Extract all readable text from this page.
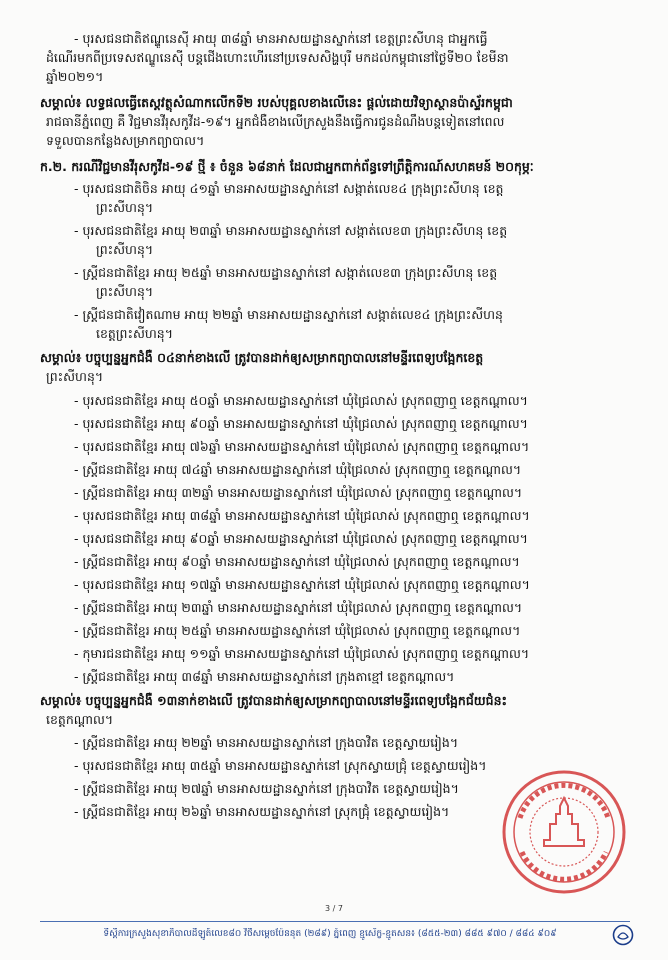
- បុរសជនជាតិឥណ្ឌូនេស៊ី អាយុ ៣៨ឆ្នាំ មានអាសយដ្ឋានស្នាក់នៅ ខេត្តព្រះសីហនុ ជាអ្នកធ្វើ
ដំណើរមកពីប្រទេសឥណ្ឌូនេស៊ី បន្តជើងហោះហើរនៅប្រទេសសិង្ហបុរី មកដល់កម្ពុជានៅថ្ងៃទី២០ ខែមីនា
ឆ្នាំ២០២១។
សម្គាល់៖ លទ្ធផលធ្វើតេស្តវត្ថុសំណាកលើកទី២ របស់បុគ្គលខាងលើនេះ ផ្តល់ដោយវិទ្យាស្ថានប៉ាស្ទ័រកម្ពុជា
រាជធានីភ្នំពេញ គឺ វិជ្ជមានវីរុសកូវីដ-១៩។ អ្នកជំងឺខាងលើក្រសួងនឹងធ្វើការជូនដំណឹងបន្តទៀតនៅពេល
ទទួលបានកន្លែងសម្រាកព្យាបាល។
ក.២. ករណីវិជ្ជមានវីរុសកូវីដ-១៩ ថ្មី ៖ ចំនួន ៦៨នាក់ ដែលជាអ្នកពាក់ព័ន្ធទៅព្រឹត្តិការណ៍សហគមន៍ ២០កុម្ភៈ
- បុរសជនជាតិចិន អាយុ ៤១ឆ្នាំ មានអាសយដ្ឋានស្នាក់នៅ សង្កាត់លេខ៤ ក្រុងព្រះសីហនុ ខេត្ត
ព្រះសីហនុ។
- បុរសជនជាតិខ្មែរ អាយុ ២៣ឆ្នាំ មានអាសយដ្ឋានស្នាក់នៅ សង្កាត់លេខ៣ ក្រុងព្រះសីហនុ ខេត្ត
ព្រះសីហនុ។
- ស្ត្រីជនជាតិខ្មែរ អាយុ ២៥ឆ្នាំ មានអាសយដ្ឋានស្នាក់នៅ សង្កាត់លេខ៣ ក្រុងព្រះសីហនុ ខេត្ត
ព្រះសីហនុ។
- ស្ត្រីជនជាតិវៀតណាម អាយុ ២២ឆ្នាំ មានអាសយដ្ឋានស្នាក់នៅ សង្កាត់លេខ៤ ក្រុងព្រះសីហនុ
ខេត្តព្រះសីហនុ។
សម្គាល់៖ បច្ចុប្បន្នអ្នកជំងឺ ០៤នាក់ខាងលើ ត្រូវបានដាក់ឲ្យសម្រាកព្យាបាលនៅមន្ទីរពេទ្យបង្អែកខេត្ត
ព្រះសីហនុ។
- បុរសជនជាតិខ្មែរ អាយុ ៥០ឆ្នាំ មានអាសយដ្ឋានស្នាក់នៅ ឃុំជ្រៃលាស់ ស្រុកពញាឮ ខេត្តកណ្តាល។
- បុរសជនជាតិខ្មែរ អាយុ ៩០ឆ្នាំ មានអាសយដ្ឋានស្នាក់នៅ ឃុំជ្រៃលាស់ ស្រុកពញាឮ ខេត្តកណ្តាល។
- បុរសជនជាតិខ្មែរ អាយុ ៧៦ឆ្នាំ មានអាសយដ្ឋានស្នាក់នៅ ឃុំជ្រៃលាស់ ស្រុកពញាឮ ខេត្តកណ្តាល។
- ស្ត្រីជនជាតិខ្មែរ អាយុ ៧៤ឆ្នាំ មានអាសយដ្ឋានស្នាក់នៅ ឃុំជ្រៃលាស់ ស្រុកពញាឮ ខេត្តកណ្តាល។
- ស្ត្រីជនជាតិខ្មែរ អាយុ ៣២ឆ្នាំ មានអាសយដ្ឋានស្នាក់នៅ ឃុំជ្រៃលាស់ ស្រុកពញាឮ ខេត្តកណ្តាល។
- បុរសជនជាតិខ្មែរ អាយុ ៣៨ឆ្នាំ មានអាសយដ្ឋានស្នាក់នៅ ឃុំជ្រៃលាស់ ស្រុកពញាឮ ខេត្តកណ្តាល។
- បុរសជនជាតិខ្មែរ អាយុ ៩០ឆ្នាំ មានអាសយដ្ឋានស្នាក់នៅ ឃុំជ្រៃលាស់ ស្រុកពញាឮ ខេត្តកណ្តាល។
- ស្ត្រីជនជាតិខ្មែរ អាយុ ៩០ឆ្នាំ មានអាសយដ្ឋានស្នាក់នៅ ឃុំជ្រៃលាស់ ស្រុកពញាឮ ខេត្តកណ្តាល។
- បុរសជនជាតិខ្មែរ អាយុ ១៧ឆ្នាំ មានអាសយដ្ឋានស្នាក់នៅ ឃុំជ្រៃលាស់ ស្រុកពញាឮ ខេត្តកណ្តាល។
- ស្ត្រីជនជាតិខ្មែរ អាយុ ២៣ឆ្នាំ មានអាសយដ្ឋានស្នាក់នៅ ឃុំជ្រៃលាស់ ស្រុកពញាឮ ខេត្តកណ្តាល។
- ស្ត្រីជនជាតិខ្មែរ អាយុ ២៥ឆ្នាំ មានអាសយដ្ឋានស្នាក់នៅ ឃុំជ្រៃលាស់ ស្រុកពញាឮ ខេត្តកណ្តាល។
- កុមារជនជាតិខ្មែរ អាយុ ១១ឆ្នាំ មានអាសយដ្ឋានស្នាក់នៅ ឃុំជ្រៃលាស់ ស្រុកពញាឮ ខេត្តកណ្តាល។
- ស្ត្រីជនជាតិខ្មែរ អាយុ ៣៨ឆ្នាំ មានអាសយដ្ឋានស្នាក់នៅ ក្រុងតាខ្មៅ ខេត្តកណ្តាល។
សម្គាល់៖ បច្ចុប្បន្នអ្នកជំងឺ ១៣នាក់ខាងលើ ត្រូវបានដាក់ឲ្យសម្រាកព្យាបាលនៅមន្ទីរពេទ្យបង្អែកជ័យជំនះ
ខេត្តកណ្តាល។
- ស្ត្រីជនជាតិខ្មែរ អាយុ ២២ឆ្នាំ មានអាសយដ្ឋានស្នាក់នៅ ក្រុងបាវិត ខេត្តស្វាយរៀង។
- បុរសជនជាតិខ្មែរ អាយុ ៣៥ឆ្នាំ មានអាសយដ្ឋានស្នាក់នៅ ស្រុកស្វាយជ្រុំ ខេត្តស្វាយរៀង។
- ស្ត្រីជនជាតិខ្មែរ អាយុ ២៧ឆ្នាំ មានអាសយដ្ឋានស្នាក់នៅ ក្រុងបាវិត ខេត្តស្វាយរៀង។
- ស្ត្រីជនជាតិខ្មែរ អាយុ ២៦ឆ្នាំ មានអាសយដ្ឋានស្នាក់នៅ ស្រុកជ្រុំ ខេត្តស្វាយរៀង។
3 / 7
ទីស្តីការក្រសួងសុខាភិបាលដីឡូត៍លេខ៨០ វិថីសម្តេចប៉ែននុត (២៨៩) ភ្នំពេញ ខ្មូសេ័ក្ខ-ខ្មូតសន៖ (៨៥៥-២៣) ៨៨៥ ៩៧០ / ៨៨៤ ៩០៩
